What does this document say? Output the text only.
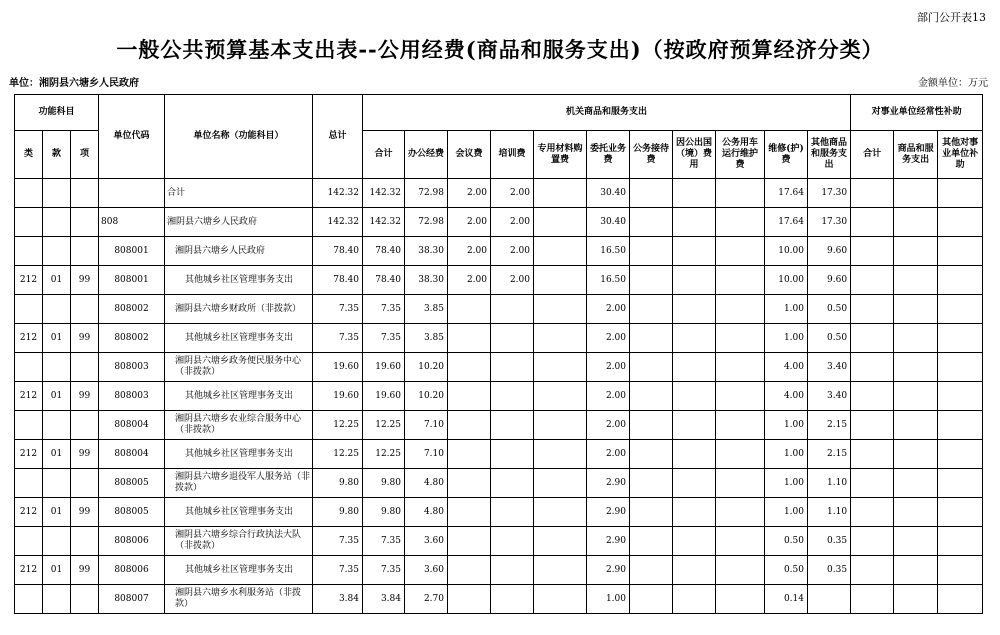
部门公开表13
一般公共预算基本支出表--公用经费(商品和服务支出)（按政府预算经济分类）
单位：湘阴县六塘乡人民政府	金额单位：万元
功能科目			单位代码	单位名称（功能科目）	总计	机关商品和服务支出											对事业单位经常性补助		
类	款	项				合计	办公经费	会议费	培训费	专用材料购置费	委托业务费	公务接待费	因公出国（境）费用	公务用车运行维护费	维修(护)费	其他商品和服务支出	合计	商品和服务支出	其他对事业单位补助
				合计	142.32	142.32	72.98	2.00	2.00		30.40				17.64	17.30			
			808	湘阴县六塘乡人民政府	142.32	142.32	72.98	2.00	2.00		30.40				17.64	17.30			
			808001	湘阴县六塘乡人民政府	78.40	78.40	38.30	2.00	2.00		16.50				10.00	9.60			
212	01	99	808001	其他城乡社区管理事务支出	78.40	78.40	38.30	2.00	2.00		16.50				10.00	9.60			
			808002	湘阴县六塘乡财政所（非拨款）	7.35	7.35	3.85				2.00				1.00	0.50			
212	01	99	808002	其他城乡社区管理事务支出	7.35	7.35	3.85				2.00				1.00	0.50			
			808003	湘阴县六塘乡政务便民服务中心（非拨款）	19.60	19.60	10.20				2.00				4.00	3.40			
212	01	99	808003	其他城乡社区管理事务支出	19.60	19.60	10.20				2.00				4.00	3.40			
			808004	湘阴县六塘乡农业综合服务中心（非拨款）	12.25	12.25	7.10				2.00				1.00	2.15			
212	01	99	808004	其他城乡社区管理事务支出	12.25	12.25	7.10				2.00				1.00	2.15			
			808005	湘阴县六塘乡退役军人服务站（非拨款）	9.80	9.80	4.80				2.90				1.00	1.10			
212	01	99	808005	其他城乡社区管理事务支出	9.80	9.80	4.80				2.90				1.00	1.10			
			808006	湘阴县六塘乡综合行政执法大队（非拨款）	7.35	7.35	3.60				2.90				0.50	0.35			
212	01	99	808006	其他城乡社区管理事务支出	7.35	7.35	3.60				2.90				0.50	0.35			
			808007	湘阴县六塘乡水利服务站（非拨款）	3.84	3.84	2.70				1.00				0.14				
